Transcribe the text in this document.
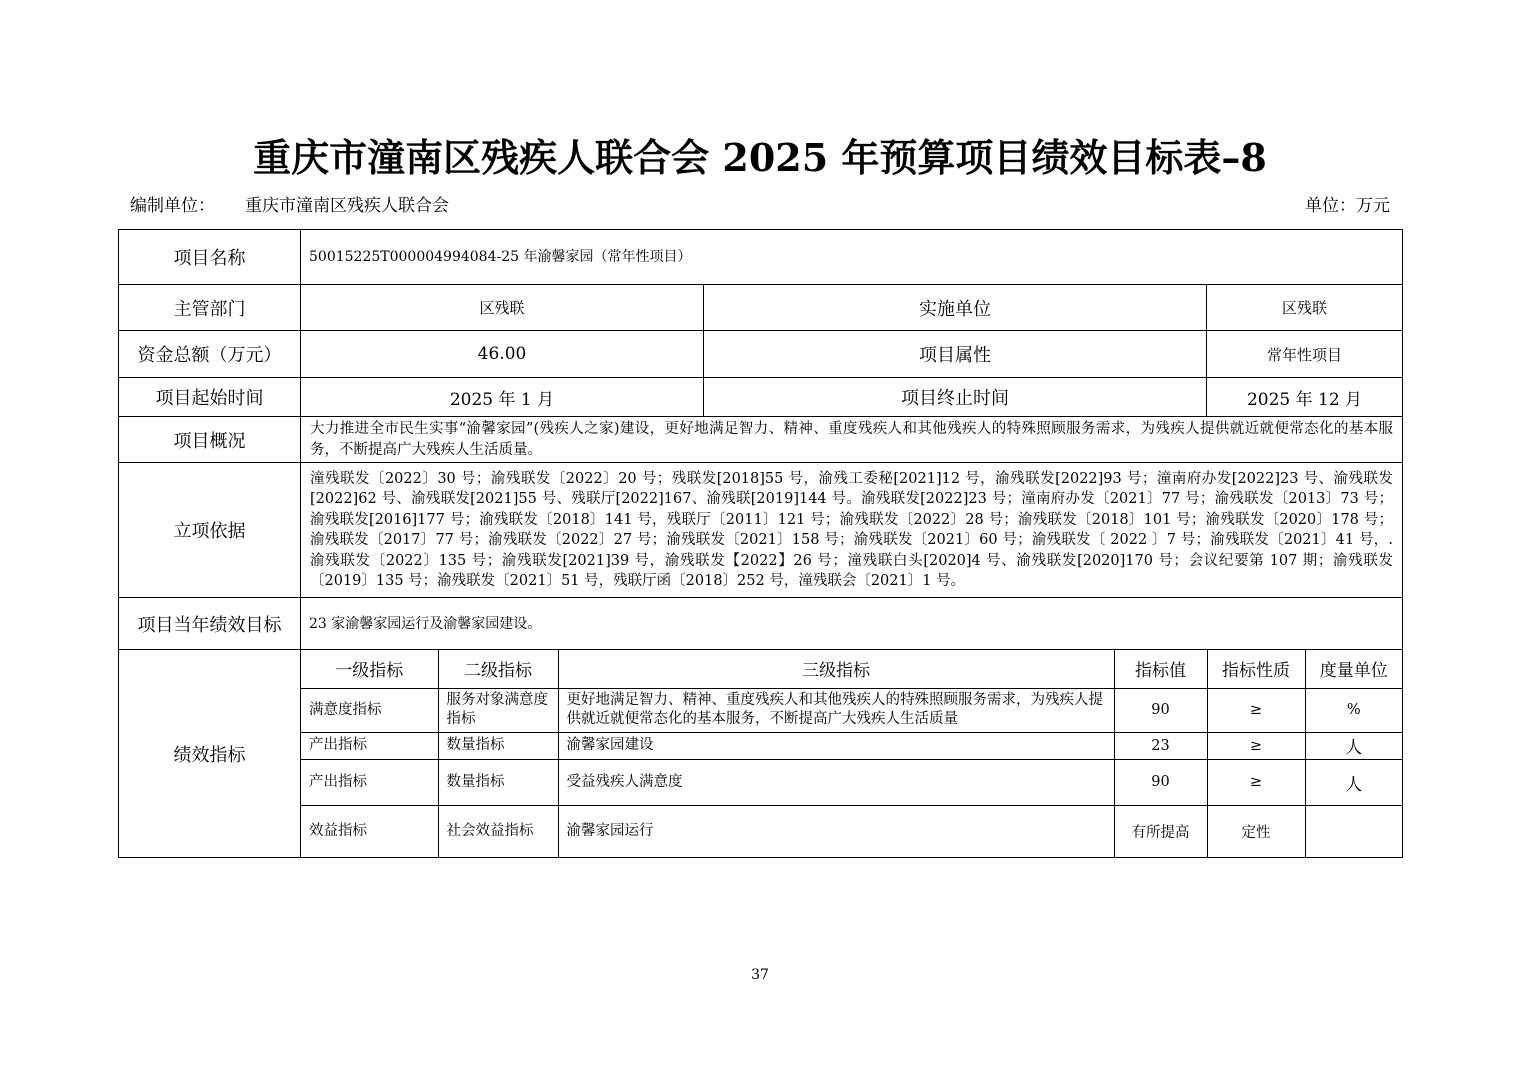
重庆市潼南区残疾人联合会 2025 年预算项目绩效目标表–8
编制单位： 重庆市潼南区残疾人联合会	单位：万元
项目名称	50015225T000004994084-25 年渝馨家园（常年性项目）
主管部门	区残联	实施单位	区残联
资金总额（万元）	46.00	项目属性	常年性项目
项目起始时间	2025 年 1 月	项目终止时间	2025 年 12 月
项目概况	大力推进全市民生实事“渝馨家园”(残疾人之家)建设，更好地满足智力、精神、重度残疾人和其他残疾人的特殊照顾服务需求，为残疾人提供就近就便常态化的基本服务，不断提高广大残疾人生活质量。
立项依据	潼残联发〔2022〕30 号；渝残联发〔2022〕20 号；残联发[2018]55 号，渝残工委秘[2021]12 号，渝残联发[2022]93 号；潼南府办发[2022]23 号、渝残联发[2022]62 号、渝残联发[2021]55 号、残联厅[2022]167、渝残联[2019]144 号。渝残联发[2022]23 号；潼南府办发〔2021〕77 号；渝残联发〔2013〕73 号；渝残联发[2016]177 号；渝残联发〔2018〕141 号，残联厅〔2011〕121 号；渝残联发〔2022〕28 号；渝残联发〔2018〕101 号；渝残联发〔2020〕178 号；渝残联发〔2017〕77 号；渝残联发〔2022〕27 号；渝残联发〔2021〕158 号；渝残联发〔2021〕60 号；渝残联发〔 2022 〕7 号；渝残联发〔2021〕41 号，.渝残联发〔2022〕135 号；渝残联发[2021]39 号，渝残联发【2022】26 号；潼残联白头[2020]4 号、渝残联发[2020]170 号；会议纪要第 107 期；渝残联发〔2019〕135 号；渝残联发〔2021〕51 号，残联厅函〔2018〕252 号，潼残联会〔2021〕1 号。
项目当年绩效目标	23 家渝馨家园运行及渝馨家园建设。
绩效指标	
一级指标	二级指标	三级指标	指标值	指标性质	度量单位
满意度指标	服务对象满意度指标	更好地满足智力、精神、重度残疾人和其他残疾人的特殊照顾服务需求，为残疾人提供就近就便常态化的基本服务，不断提高广大残疾人生活质量	90	≥	%
产出指标	数量指标	渝馨家园建设	23	≥	人
产出指标	数量指标	受益残疾人满意度	90	≥	人
效益指标	社会效益指标	渝馨家园运行	有所提高	定性	
37
